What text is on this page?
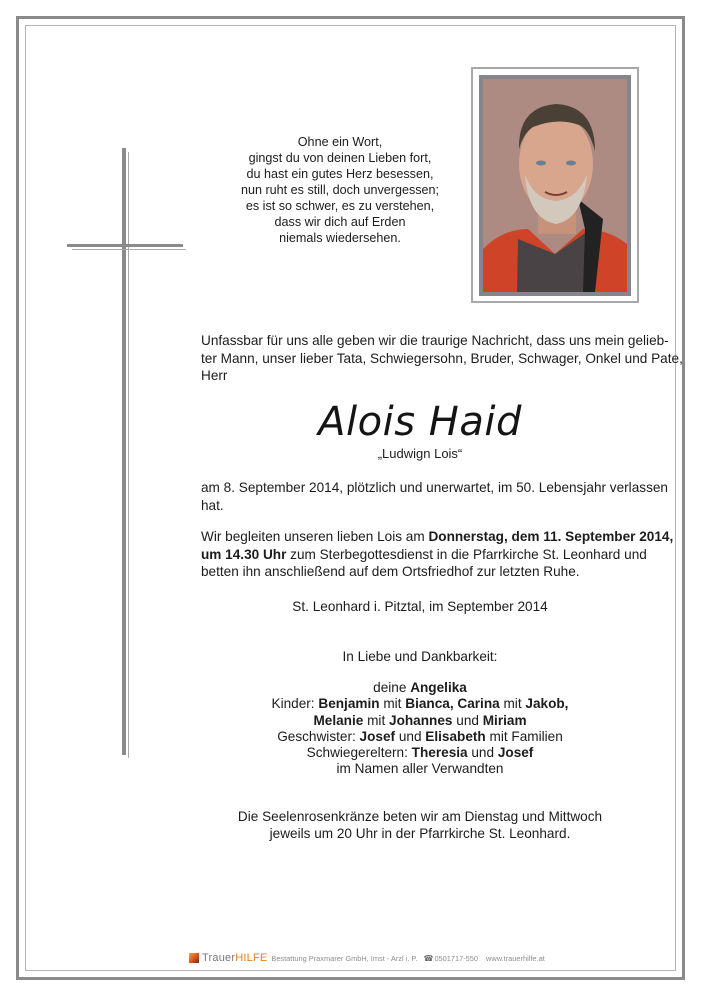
Ohne ein Wort,
gingst du von deinen Lieben fort,
du hast ein gutes Herz besessen,
nun ruht es still, doch unvergessen;
es ist so schwer, es zu verstehen,
dass wir dich auf Erden
niemals wiedersehen.
Unfassbar für uns alle geben wir die traurige Nachricht, dass uns mein gelieb-
ter Mann, unser lieber Tata, Schwiegersohn, Bruder, Schwager, Onkel und Pate,
Herr
Alois Haid
„Ludwign Lois“
am 8. September 2014, plötzlich und unerwartet, im 50. Lebensjahr verlassen
hat.
Wir begleiten unseren lieben Lois am Donnerstag, dem 11. September 2014,
um 14.30 Uhr zum Sterbegottesdienst in die Pfarrkirche St. Leonhard und
betten ihn anschließend auf dem Ortsfriedhof zur letzten Ruhe.
St. Leonhard i. Pitztal, im September 2014
In Liebe und Dankbarkeit:
deine Angelika
Kinder: Benjamin mit Bianca, Carina mit Jakob,
Melanie mit Johannes und Miriam
Geschwister: Josef und Elisabeth mit Familien
Schwiegereltern: Theresia und Josef
im Namen aller Verwandten
Die Seelenrosenkränze beten wir am Dienstag und Mittwoch
jeweils um 20 Uhr in der Pfarrkirche St. Leonhard.
TrauerHILFE Bestattung Praxmarer GmbH, Imst - Arzl i. P. ☎ 0501717-550 www.trauerhilfe.at
